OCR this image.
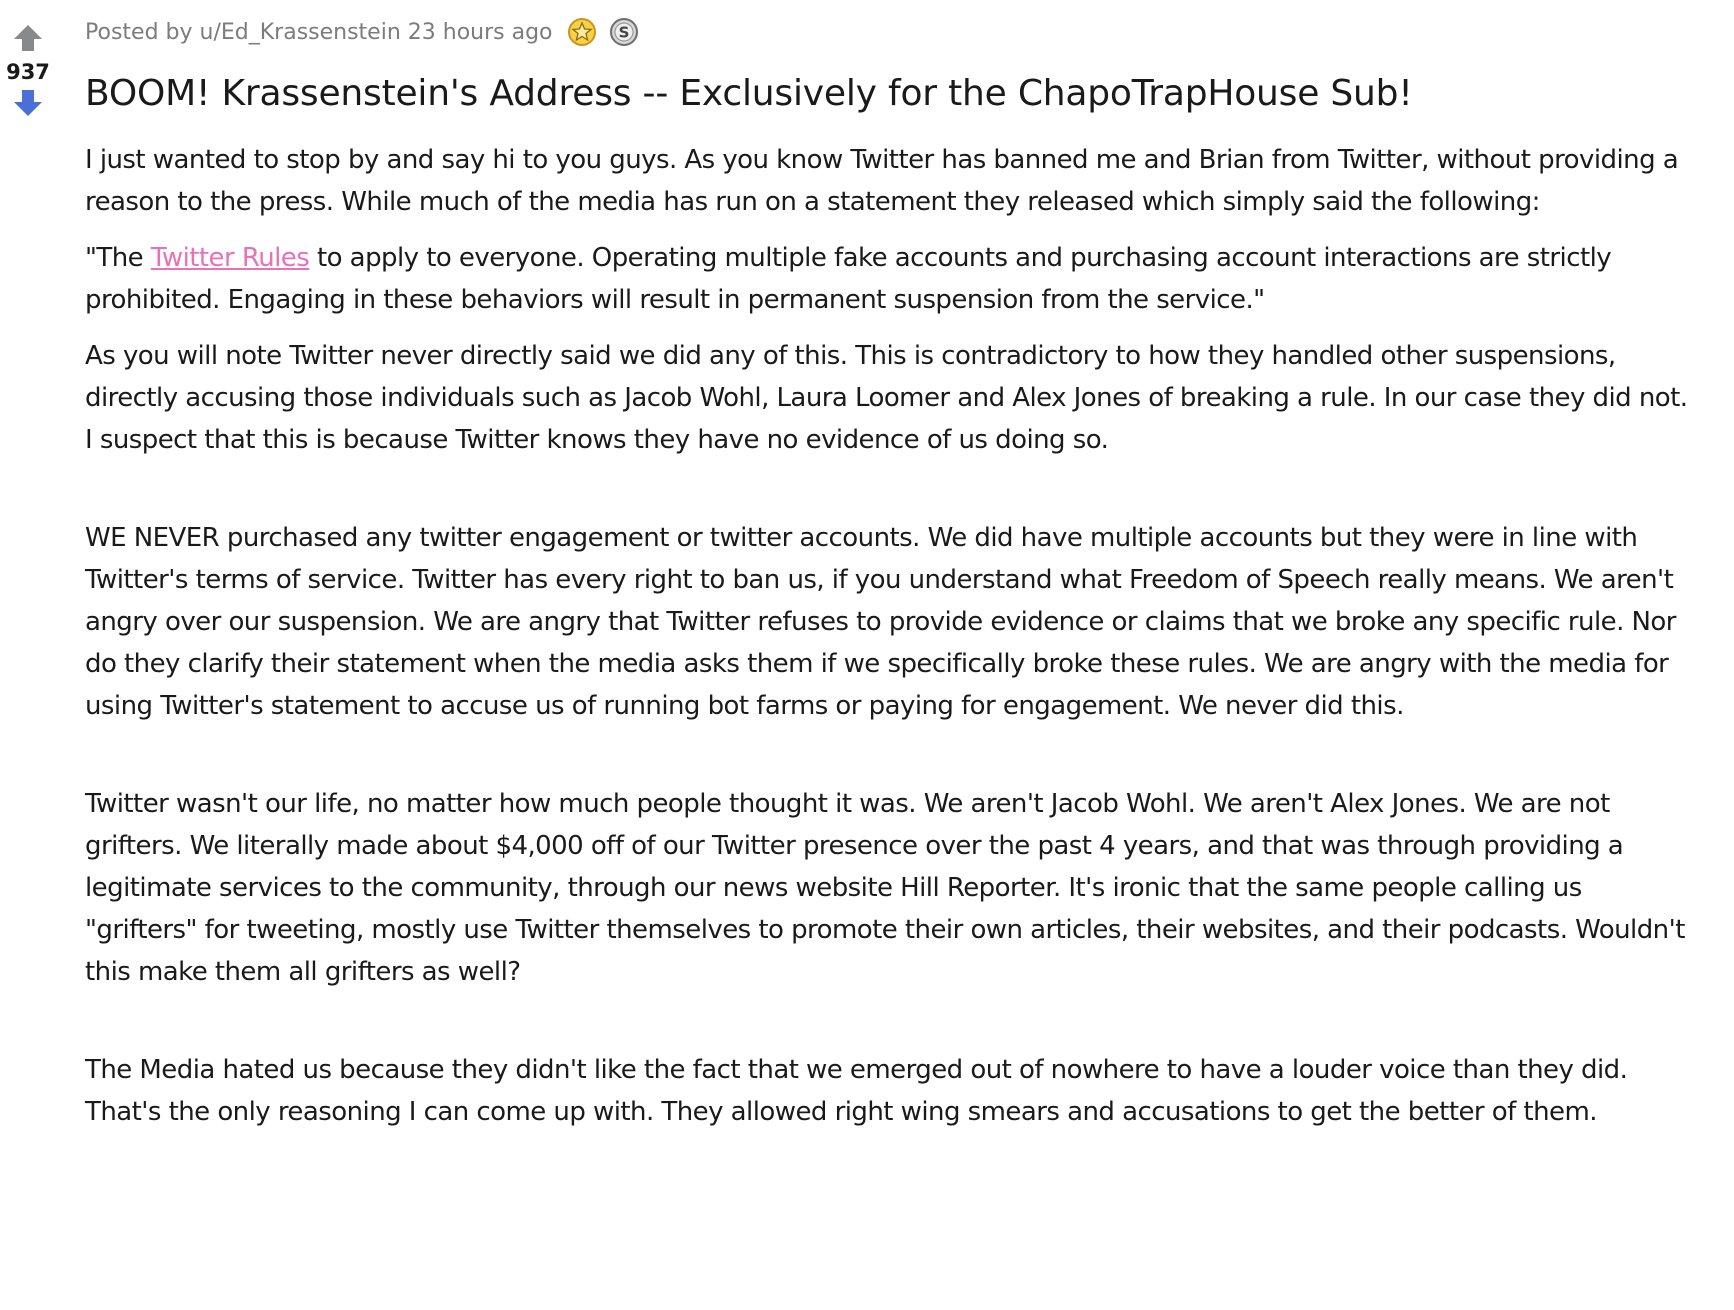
937
Posted by u/Ed_Krassenstein 23 hours ago	S
BOOM! Krassenstein's Address -- Exclusively for the ChapoTrapHouse Sub!

I just wanted to stop by and say hi to you guys. As you know Twitter has banned me and Brian from Twitter, without providing a reason to the press. While much of the media has run on a statement they released which simply said the following:

"The Twitter Rules to apply to everyone. Operating multiple fake accounts and purchasing account interactions are strictly prohibited. Engaging in these behaviors will result in permanent suspension from the service."

As you will note Twitter never directly said we did any of this. This is contradictory to how they handled other suspensions, directly accusing those individuals such as Jacob Wohl, Laura Loomer and Alex Jones of breaking a rule. In our case they did not. I suspect that this is because Twitter knows they have no evidence of us doing so.

WE NEVER purchased any twitter engagement or twitter accounts. We did have multiple accounts but they were in line with Twitter's terms of service. Twitter has every right to ban us, if you understand what Freedom of Speech really means. We aren't angry over our suspension. We are angry that Twitter refuses to provide evidence or claims that we broke any specific rule. Nor do they clarify their statement when the media asks them if we specifically broke these rules. We are angry with the media for using Twitter's statement to accuse us of running bot farms or paying for engagement. We never did this.

Twitter wasn't our life, no matter how much people thought it was. We aren't Jacob Wohl. We aren't Alex Jones. We are not grifters. We literally made about $4,000 off of our Twitter presence over the past 4 years, and that was through providing a legitimate services to the community, through our news website Hill Reporter. It's ironic that the same people calling us "grifters" for tweeting, mostly use Twitter themselves to promote their own articles, their websites, and their podcasts. Wouldn't this make them all grifters as well?

The Media hated us because they didn't like the fact that we emerged out of nowhere to have a louder voice than they did. That's the only reasoning I can come up with. They allowed right wing smears and accusations to get the better of them.
